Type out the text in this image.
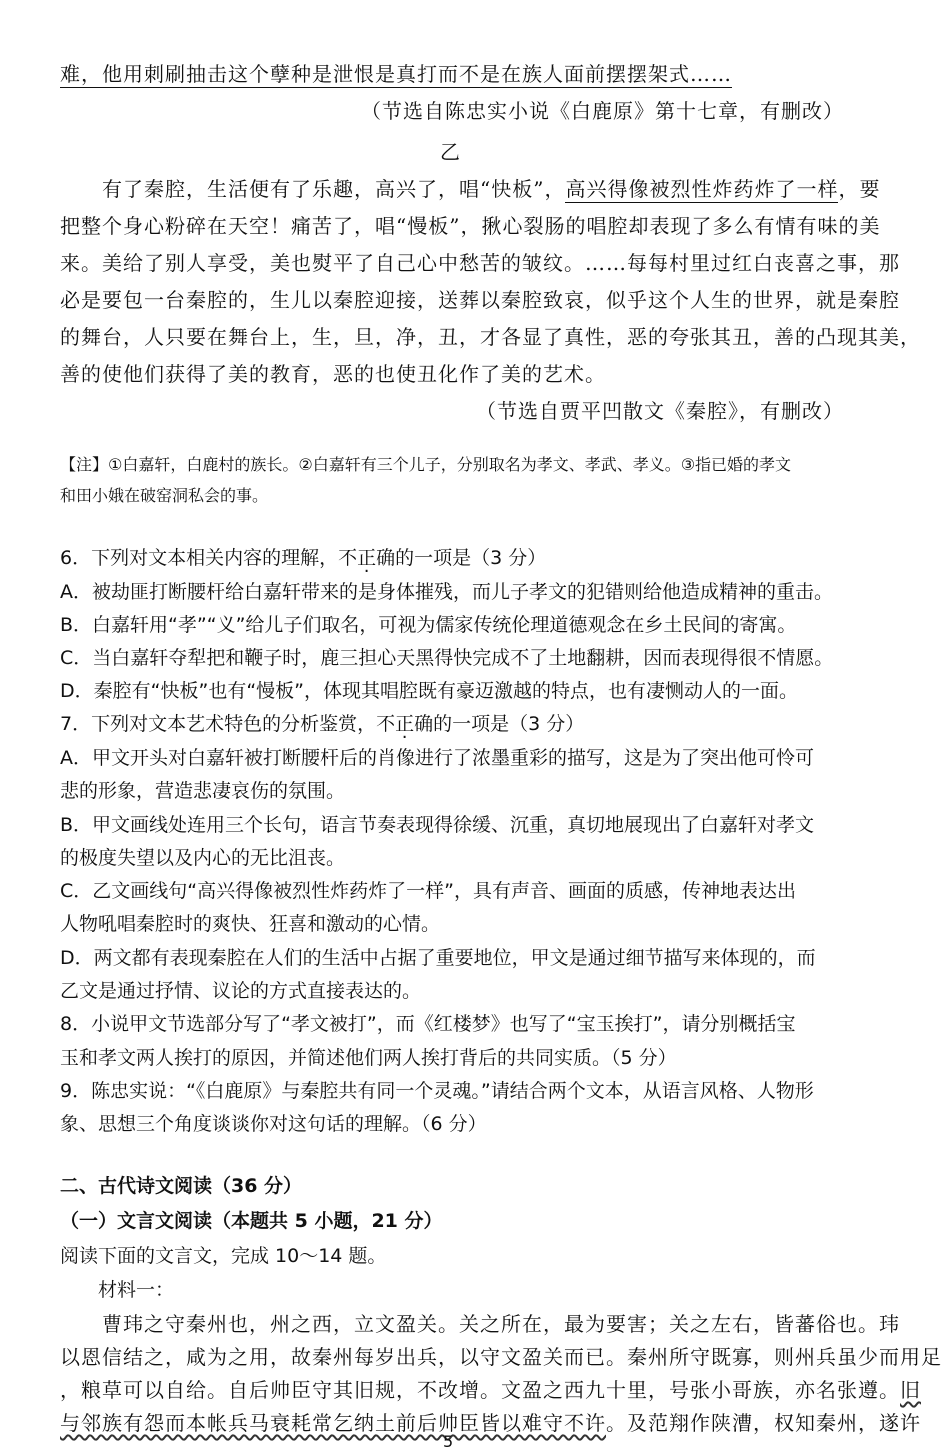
难，他用刺刷抽击这个孽种是泄恨是真打而不是在族人面前摆摆架式……
（节选自陈忠实小说《白鹿原》第十七章，有删改）
乙
　　有了秦腔，生活便有了乐趣，高兴了，唱“快板”，高兴得像被烈性炸药炸了一样，要
把整个身心粉碎在天空！痛苦了，唱“慢板”，揪心裂肠的唱腔却表现了多么有情有味的美
来。美给了别人享受，美也熨平了自己心中愁苦的皱纹。……每每村里过红白丧喜之事，那
必是要包一台秦腔的，生儿以秦腔迎接，送葬以秦腔致哀，似乎这个人生的世界，就是秦腔
的舞台，人只要在舞台上，生，旦，净，丑，才各显了真性，恶的夸张其丑，善的凸现其美，
善的使他们获得了美的教育，恶的也使丑化作了美的艺术。
（节选自贾平凹散文《秦腔》，有删改）
【注】①白嘉轩，白鹿村的族长。②白嘉轩有三个儿子，分别取名为孝文、孝武、孝义。③指已婚的孝文
和田小娥在破窑洞私会的事。
6．下列对文本相关内容的理解，不正确的一项是（3 分）
A．被劫匪打断腰杆给白嘉轩带来的是身体摧残，而儿子孝文的犯错则给他造成精神的重击。
B．白嘉轩用“孝”“义”给儿子们取名，可视为儒家传统伦理道德观念在乡土民间的寄寓。
C．当白嘉轩夺犁把和鞭子时，鹿三担心天黑得快完成不了土地翻耕，因而表现得很不情愿。
D．秦腔有“快板”也有“慢板”，体现其唱腔既有豪迈激越的特点，也有凄恻动人的一面。
7．下列对文本艺术特色的分析鉴赏，不正确的一项是（3 分）
A．甲文开头对白嘉轩被打断腰杆后的肖像进行了浓墨重彩的描写，这是为了突出他可怜可
悲的形象，营造悲凄哀伤的氛围。
B．甲文画线处连用三个长句，语言节奏表现得徐缓、沉重，真切地展现出了白嘉轩对孝文
的极度失望以及内心的无比沮丧。
C．乙文画线句“高兴得像被烈性炸药炸了一样”，具有声音、画面的质感，传神地表达出
人物吼唱秦腔时的爽快、狂喜和激动的心情。
D．两文都有表现秦腔在人们的生活中占据了重要地位，甲文是通过细节描写来体现的，而
乙文是通过抒情、议论的方式直接表达的。
8．小说甲文节选部分写了“孝文被打”，而《红楼梦》也写了“宝玉挨打”，请分别概括宝
玉和孝文两人挨打的原因，并简述他们两人挨打背后的共同实质。（5 分）
9．陈忠实说：“《白鹿原》与秦腔共有同一个灵魂。”请结合两个文本，从语言风格、人物形
象、思想三个角度谈谈你对这句话的理解。（6 分）
二、古代诗文阅读（36 分）
（一）文言文阅读（本题共 5 小题，21 分）
阅读下面的文言文，完成 10～14 题。
　　材料一：
　　曹玮之守秦州也，州之西，立文盈关。关之所在，最为要害；关之左右，皆蕃俗也。玮
以恩信结之，咸为之用，故秦州每岁出兵，以守文盈关而已。秦州所守既寡，则州兵虽少而用足
，粮草可以自给。自后帅臣守其旧规，不改增。文盈之西九十里，号张小哥族，亦名张遵。旧
与邻族有怨而本帐兵马衰耗常乞纳土前后帅臣皆以难守不许。及范翔作陕漕，权知秦州，遂许
5
